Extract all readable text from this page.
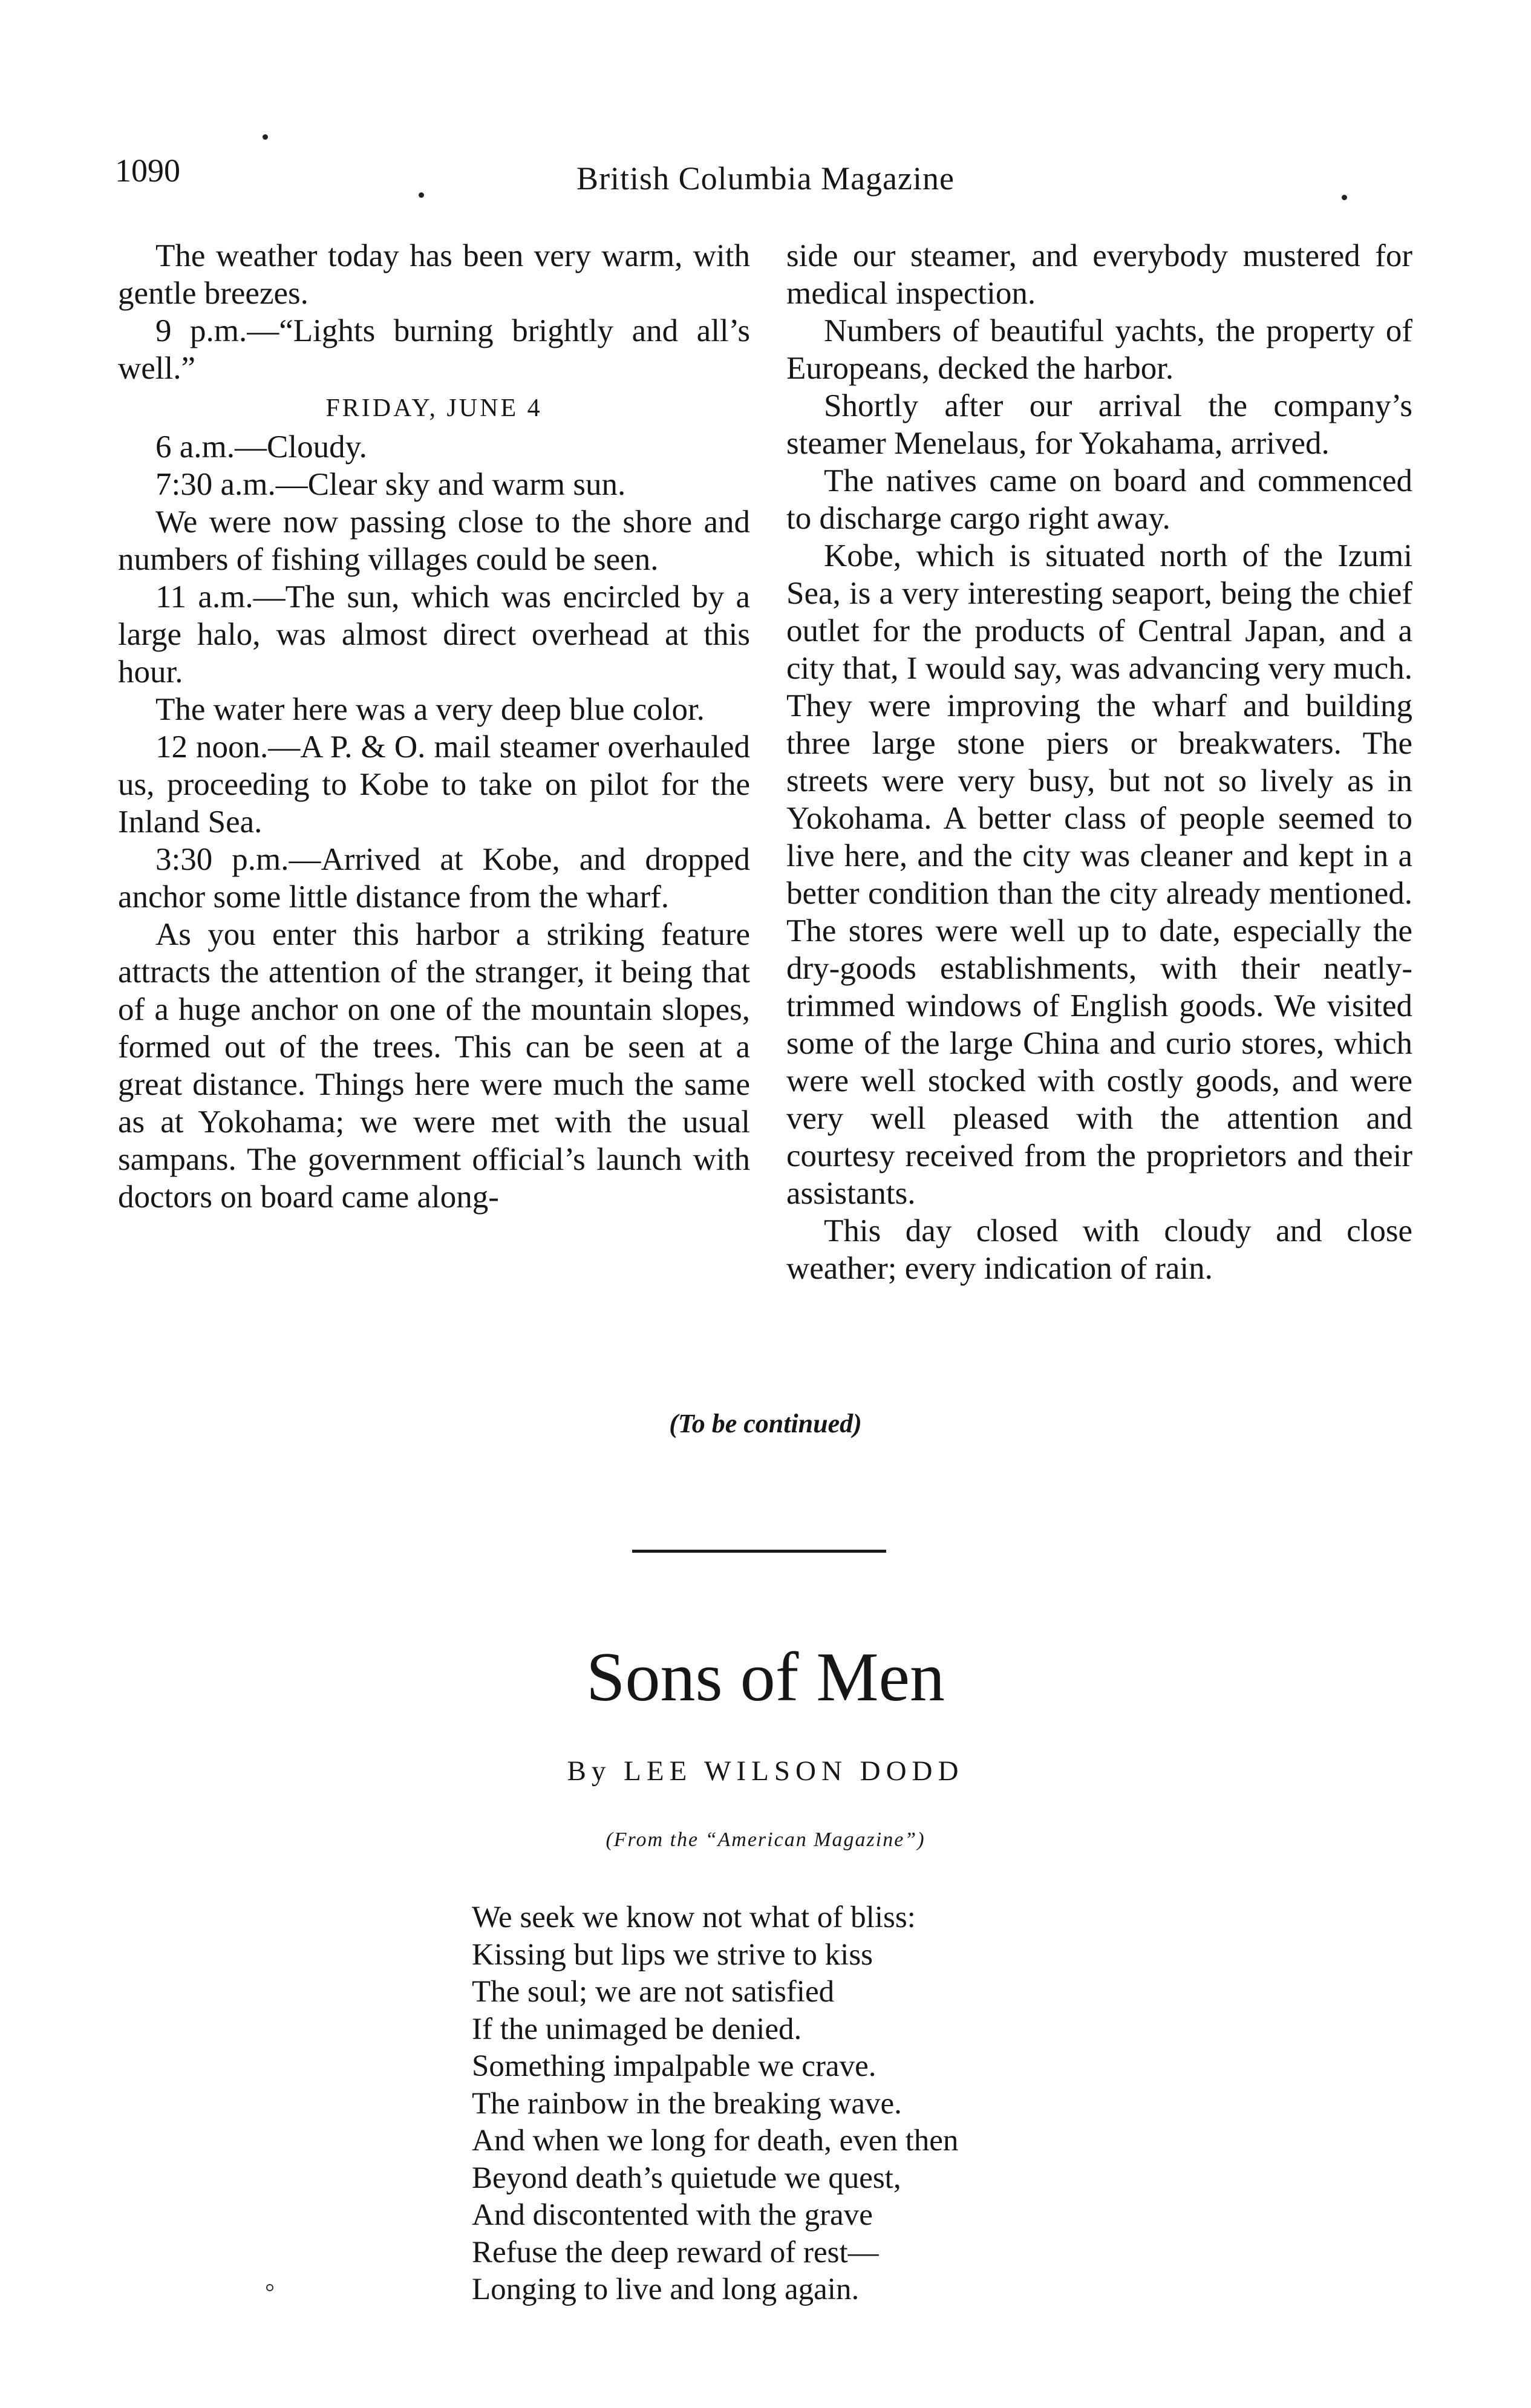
1090	British Columbia Magazine

The weather today has been very warm, with gentle breezes.

9 p.m.—“Lights burning brightly and all’s well.”

FRIDAY, JUNE 4

6 a.m.—Cloudy.

7:30 a.m.—Clear sky and warm sun.

We were now passing close to the shore and numbers of fishing villages could be seen.

11 a.m.—The sun, which was encircled by a large halo, was almost direct overhead at this hour.

The water here was a very deep blue color.

12 noon.—A P. & O. mail steamer overhauled us, proceeding to Kobe to take on pilot for the Inland Sea.

3:30 p.m.—Arrived at Kobe, and dropped anchor some little distance from the wharf.

As you enter this harbor a striking feature attracts the attention of the stranger, it being that of a huge anchor on one of the mountain slopes, formed out of the trees. This can be seen at a great distance. Things here were much the same as at Yokohama; we were met with the usual sampans. The government official’s launch with doctors on board came along-

side our steamer, and everybody mustered for medical inspection.

Numbers of beautiful yachts, the property of Europeans, decked the harbor.

Shortly after our arrival the company’s steamer Menelaus, for Yokahama, arrived.

The natives came on board and commenced to discharge cargo right away.

Kobe, which is situated north of the Izumi Sea, is a very interesting seaport, being the chief outlet for the products of Central Japan, and a city that, I would say, was advancing very much. They were improving the wharf and building three large stone piers or breakwaters. The streets were very busy, but not so lively as in Yokohama. A better class of people seemed to live here, and the city was cleaner and kept in a better condition than the city already mentioned. The stores were well up to date, especially the dry-goods establishments, with their neatly-trimmed windows of English goods. We visited some of the large China and curio stores, which were well stocked with costly goods, and were very well pleased with the attention and courtesy received from the proprietors and their assistants.

This day closed with cloudy and close weather; every indication of rain.

(To be continued)
Sons of Men
By LEE WILSON DODD
(From the “American Magazine”)
We seek we know not what of bliss:
Kissing but lips we strive to kiss
The soul; we are not satisfied
If the unimaged be denied.
Something impalpable we crave.
The rainbow in the breaking wave.
And when we long for death, even then
Beyond death’s quietude we quest,
And discontented with the grave
Refuse the deep reward of rest—
Longing to live and long again.
